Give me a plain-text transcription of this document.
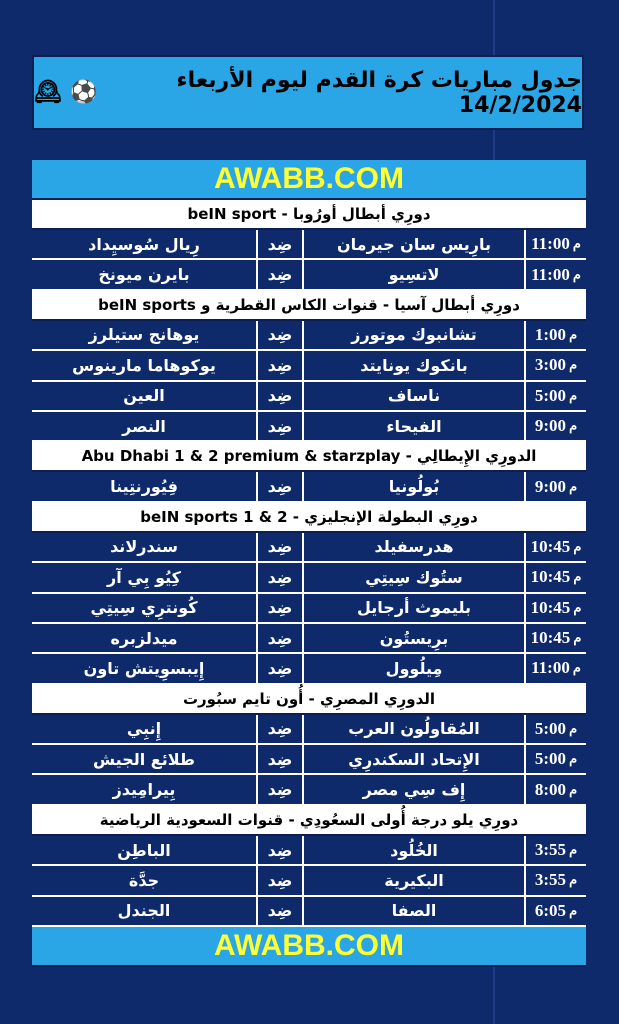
جدول مباريات كرة القدم ليوم الأربعاء 14/2/2024
⚽
🕰
AWABB.COM
دورِي أبطال أورُوبا - beIN sport
م
11:00
بارِيس سان جيرمان
ضِد
رِيال سُوسيِداد
م
11:00
لاتسِيو
ضِد
بايرن ميونخ
دورِي أبطال آسيا - قنوات الكاس القطرية و beIN sports
م
1:00
تشانبوك موتورز
ضِد
يوهانج ستيلرز
م
3:00
بانكوك يونايتد
ضِد
يوكوهاما مارينوس
م
5:00
ناساف
ضِد
العين
م
9:00
الفيحاء
ضِد
النصر
الدورِي الإِيطالِي - Abu Dhabi 1 & 2 premium & starzplay
م
9:00
بُولُونيا
ضِد
فِيُورنتِينا
دورِي البطولة الإنجليزي - beIN sports 1 & 2
م
10:45
هدرسفيلد
ضِد
سندرلاند
م
10:45
ستُوك سِيتِي
ضِد
كِيُو بِي آر
م
10:45
بليموث أرجايل
ضِد
كُونترِي سِيتِي
م
10:45
برِيستُون
ضِد
ميدلزبره
م
11:00
مِيلُوول
ضِد
إِيبسوِيتش تاون
الدورِي المصرِي - أُون تايم سبُورت
م
5:00
المُقاولُون العرب
ضِد
إِنبِي
م
5:00
الإِتحاد السكندرِي
ضِد
طلائع الجيش
م
8:00
إِف سِي مصر
ضِد
بِيرامِيدز
دورِي يلو درجة أُولى السعُودِي - قنوات السعودية الرياضية
م
3:55
الخُلُود
ضِد
الباطِن
م
3:55
البكيرية
ضِد
جدَّة
م
6:05
الصفا
ضِد
الجندل
AWABB.COM
